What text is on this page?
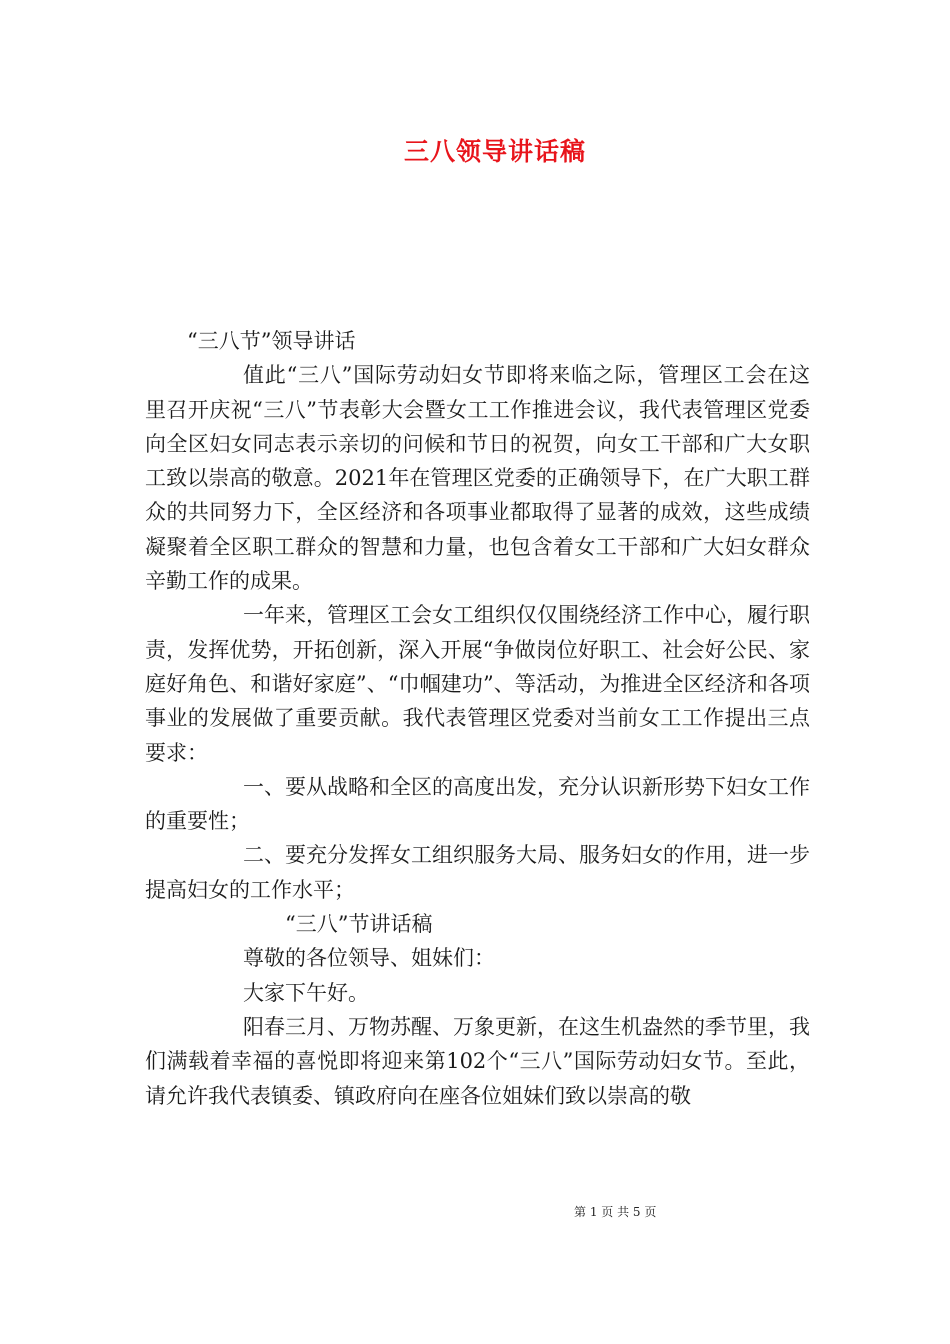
三八领导讲话稿

“三八节”领导讲话

值此“三八”国际劳动妇女节即将来临之际，管理区工会在这里召开庆祝“三八”节表彰大会暨女工工作推进会议，我代表管理区党委向全区妇女同志表示亲切的问候和节日的祝贺，向女工干部和广大女职工致以崇高的敬意。2021年在管理区党委的正确领导下，在广大职工群众的共同努力下，全区经济和各项事业都取得了显著的成效，这些成绩凝聚着全区职工群众的智慧和力量，也包含着女工干部和广大妇女群众辛勤工作的成果。

一年来，管理区工会女工组织仅仅围绕经济工作中心，履行职责，发挥优势，开拓创新，深入开展“争做岗位好职工、社会好公民、家庭好角色、和谐好家庭”、“巾帼建功”、等活动，为推进全区经济和各项事业的发展做了重要贡献。我代表管理区党委对当前女工工作提出三点要求：

一、要从战略和全区的高度出发，充分认识新形势下妇女工作的重要性；

二、要充分发挥女工组织服务大局、服务妇女的作用，进一步提高妇女的工作水平；

“三八”节讲话稿

尊敬的各位领导、姐妹们：

大家下午好。

阳春三月、万物苏醒、万象更新，在这生机盎然的季节里，我们满载着幸福的喜悦即将迎来第102个“三八”国际劳动妇女节。至此，请允许我代表镇委、镇政府向在座各位姐妹们致以崇高的敬

第 1 页 共 5 页
